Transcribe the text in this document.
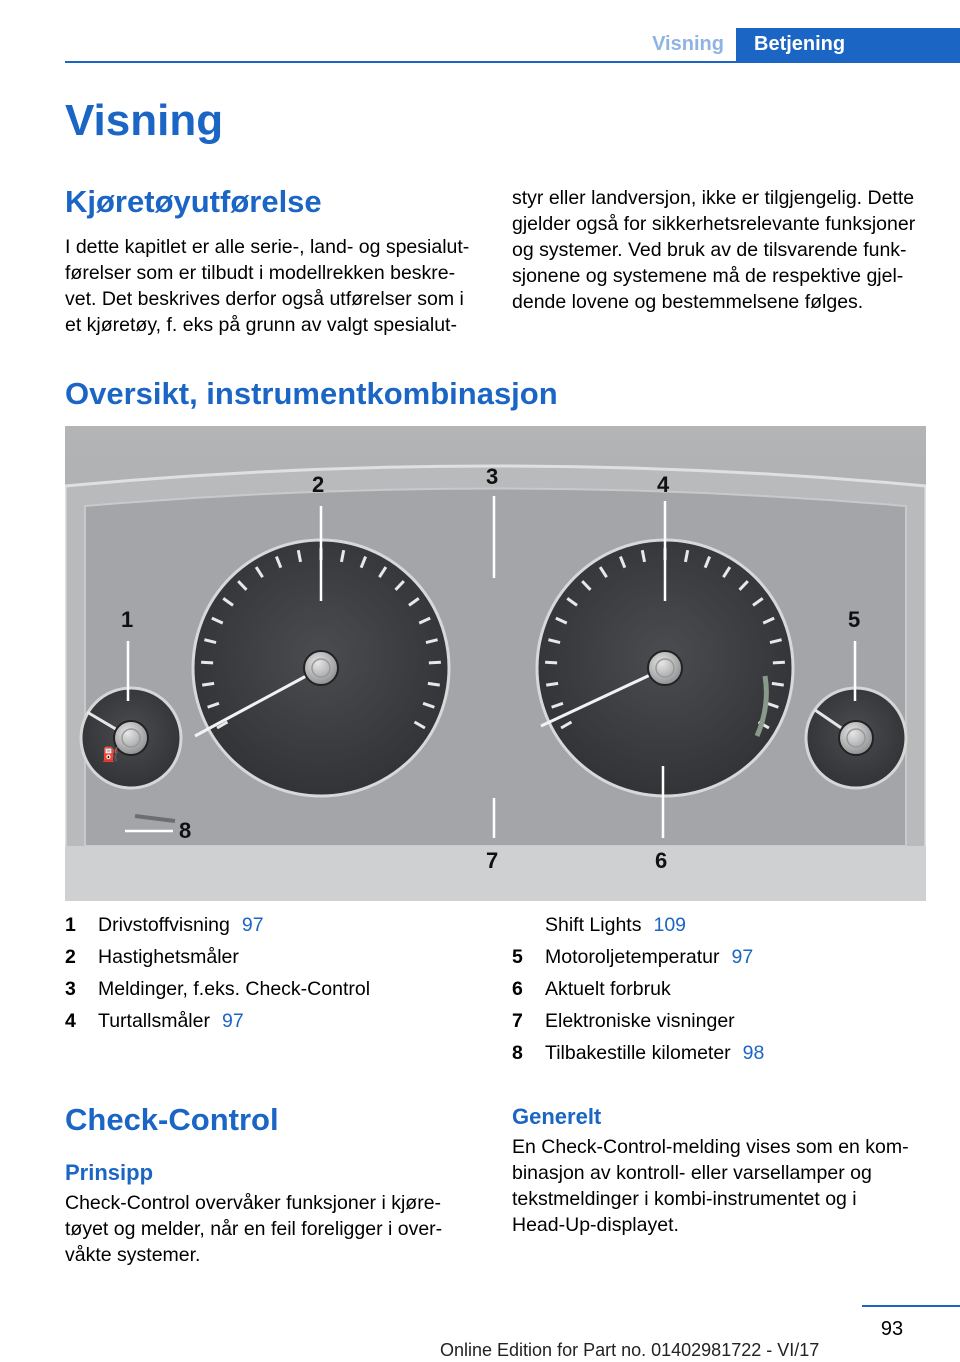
Visning	Betjening
Visning
Kjøretøyutførelse

I dette kapitlet er alle serie-, land- og spesialut-

førelser som er tilbudt i modellrekken beskre-

vet. Det beskrives derfor også utførelser som i

et kjøretøy, f. eks på grunn av valgt spesialut-

styr eller landversjon, ikke er tilgjengelig. Dette

gjelder også for sikkerhetsrelevante funksjoner

og systemer. Ved bruk av de tilsvarende funk-

sjonene og systemene må de respektive gjel-

dende lovene og bestemmelsene følges.

Oversikt, instrumentkombinasjon
⛽
1
2	3	4
5
6
7
8
1 Drivstoffvisning 97
2 Hastighetsmåler
3 Meldinger, f.eks. Check-Control
4 Turtallsmåler 97
Shift Lights 109
5 Motoroljetemperatur 97
6 Aktuelt forbruk
7 Elektroniske visninger
8 Tilbakestille kilometer 98
Check-Control
Prinsipp

Check-Control overvåker funksjoner i kjøre-

tøyet og melder, når en feil foreligger i over-

våkte systemer.

Generelt

En Check-Control-melding vises som en kom-

binasjon av kontroll- eller varsellamper og

tekstmeldinger i kombi-instrumentet og i

Head-Up-displayet.

93
Online Edition for Part no. 01402981722 - VI/17
